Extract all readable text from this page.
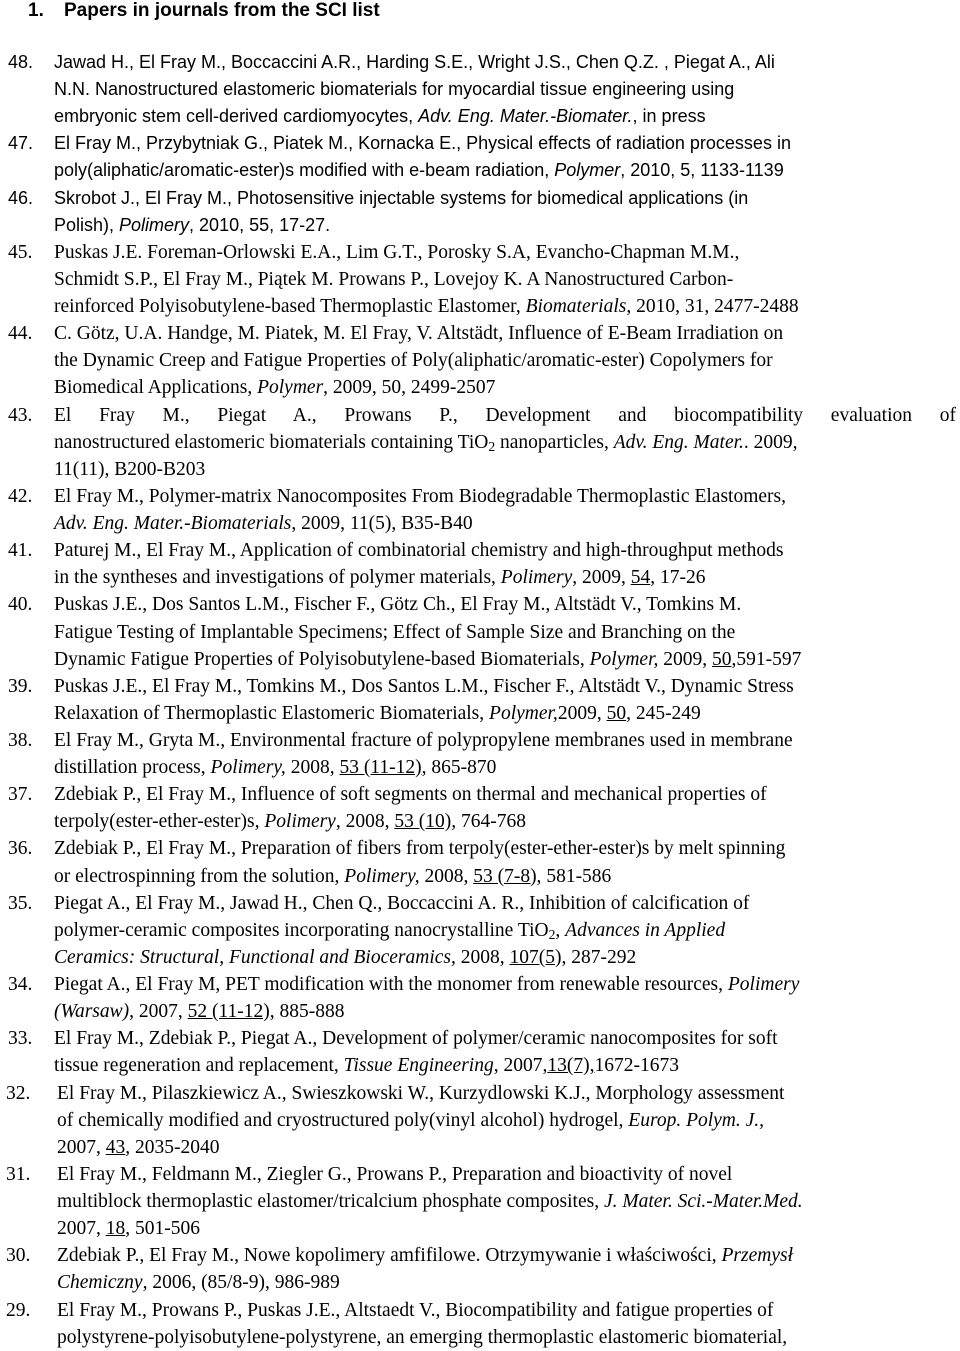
1. Papers in journals from the SCI list
48. Jawad H., El Fray M., Boccaccini A.R., Harding S.E., Wright J.S., Chen Q.Z. , Piegat A., Ali
N.N. Nanostructured elastomeric biomaterials for myocardial tissue engineering using
embryonic stem cell-derived cardiomyocytes, Adv. Eng. Mater.-Biomater., in press
47. El Fray M., Przybytniak G., Piatek M., Kornacka E., Physical effects of radiation processes in
poly(aliphatic/aromatic-ester)s modified with e-beam radiation, Polymer, 2010, 5, 1133-1139
46. Skrobot J., El Fray M., Photosensitive injectable systems for biomedical applications (in
Polish), Polimery, 2010, 55, 17-27.
45. Puskas J.E. Foreman-Orlowski E.A., Lim G.T., Porosky S.A, Evancho-Chapman M.M.,
Schmidt S.P., El Fray M., Piątek M. Prowans P., Lovejoy K. A Nanostructured Carbon-
reinforced Polyisobutylene-based Thermoplastic Elastomer, Biomaterials, 2010, 31, 2477-2488
44. C. Götz, U.A. Handge, M. Piatek, M. El Fray, V. Altstädt, Influence of E-Beam Irradiation on
the Dynamic Creep and Fatigue Properties of Poly(aliphatic/aromatic-ester) Copolymers for
Biomedical Applications, Polymer, 2009, 50, 2499-2507
43. El Fray M., Piegat A., Prowans P., Development and biocompatibility evaluation of
nanostructured elastomeric biomaterials containing TiO$_2$ nanoparticles, Adv. Eng. Mater.. 2009,
11(11), B200-B203
42. El Fray M., Polymer-matrix Nanocomposites From Biodegradable Thermoplastic Elastomers,
Adv. Eng. Mater.-Biomaterials, 2009, 11(5), B35-B40
41. Paturej M., El Fray M., Application of combinatorial chemistry and high-throughput methods
in the syntheses and investigations of polymer materials, Polimery, 2009, 54, 17-26
40. Puskas J.E., Dos Santos L.M., Fischer F., Götz Ch., El Fray M., Altstädt V., Tomkins M.
Fatigue Testing of Implantable Specimens; Effect of Sample Size and Branching on the
Dynamic Fatigue Properties of Polyisobutylene-based Biomaterials, Polymer, 2009, 50,591-597
39. Puskas J.E., El Fray M., Tomkins M., Dos Santos L.M., Fischer F., Altstädt V., Dynamic Stress
Relaxation of Thermoplastic Elastomeric Biomaterials, Polymer,2009, 50, 245-249
38. El Fray M., Gryta M., Environmental fracture of polypropylene membranes used in membrane
distillation process, Polimery, 2008, 53 (11-12), 865-870
37. Zdebiak P., El Fray M., Influence of soft segments on thermal and mechanical properties of
terpoly(ester-ether-ester)s, Polimery, 2008, 53 (10), 764-768
36. Zdebiak P., El Fray M., Preparation of fibers from terpoly(ester-ether-ester)s by melt spinning
or electrospinning from the solution, Polimery, 2008, 53 (7-8), 581-586
35. Piegat A., El Fray M., Jawad H., Chen Q., Boccaccini A. R., Inhibition of calcification of
polymer-ceramic composites incorporating nanocrystalline TiO$_2$, Advances in Applied
Ceramics: Structural, Functional and Bioceramics, 2008, 107(5), 287-292
34. Piegat A., El Fray M, PET modification with the monomer from renewable resources, Polimery
(Warsaw), 2007, 52 (11-12), 885-888
33. El Fray M., Zdebiak P., Piegat A., Development of polymer/ceramic nanocomposites for soft
tissue regeneration and replacement, Tissue Engineering, 2007,13(7),1672-1673
32. El Fray M., Pilaszkiewicz A., Swieszkowski W., Kurzydlowski K.J., Morphology assessment
of chemically modified and cryostructured poly(vinyl alcohol) hydrogel, Europ. Polym. J.,
2007, 43, 2035-2040
31. El Fray M., Feldmann M., Ziegler G., Prowans P., Preparation and bioactivity of novel
multiblock thermoplastic elastomer/tricalcium phosphate composites, J. Mater. Sci.-Mater.Med.
2007, 18, 501-506
30. Zdebiak P., El Fray M., Nowe kopolimery amfifilowe. Otrzymywanie i właściwości, Przemysł
Chemiczny, 2006, (85/8-9), 986-989
29. El Fray M., Prowans P., Puskas J.E., Altstaedt V., Biocompatibility and fatigue properties of
polystyrene-polyisobutylene-polystyrene, an emerging thermoplastic elastomeric biomaterial,
